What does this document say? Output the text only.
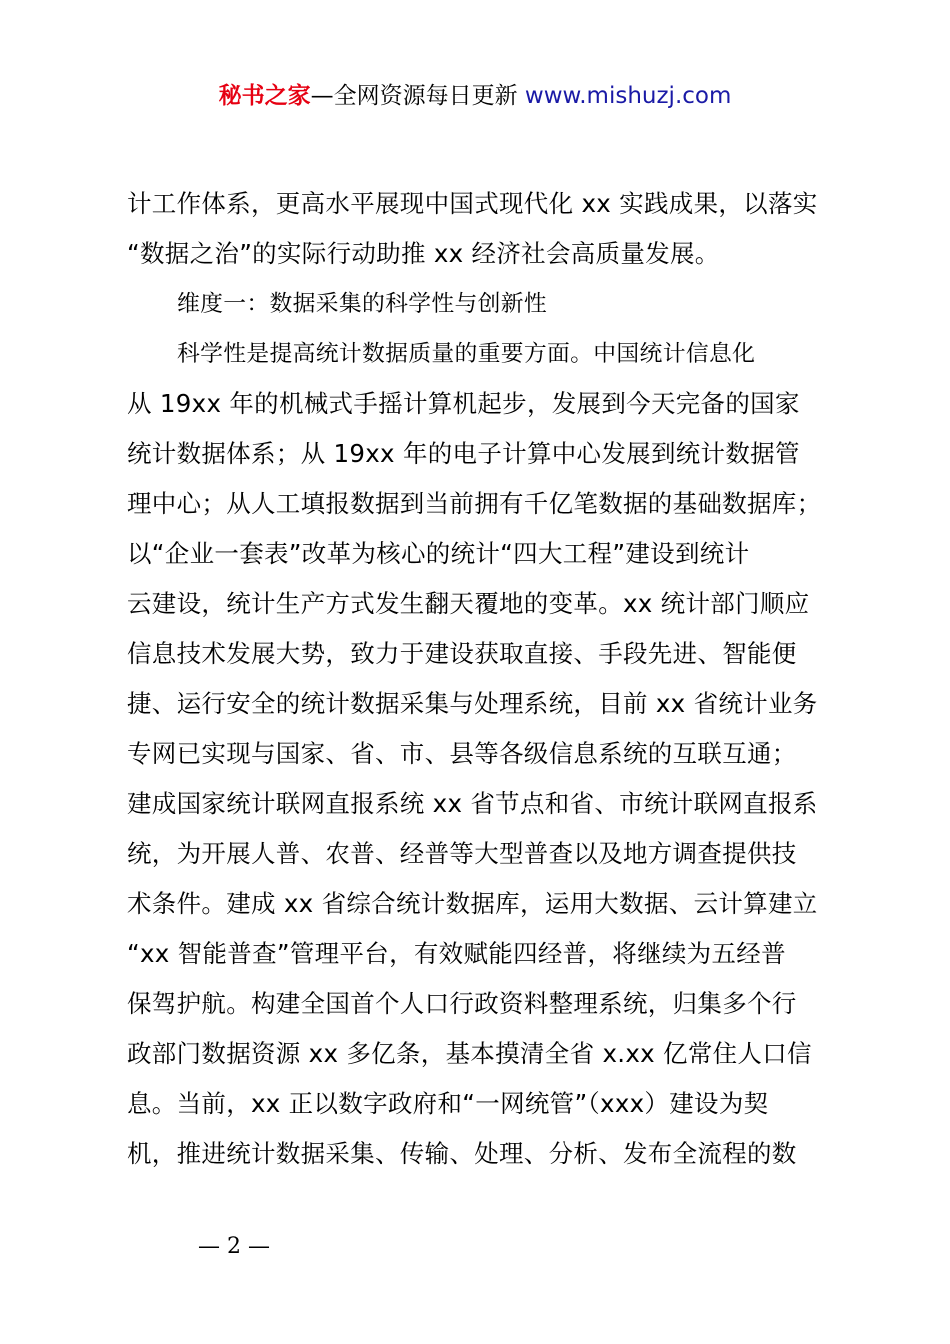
秘书之家—全网资源每日更新 www.mishuzj.com
计工作体系，更高水平展现中国式现代化 xx 实践成果，以落实
“数据之治”的实际行动助推 xx 经济社会高质量发展。
维度一：数据采集的科学性与创新性
科学性是提高统计数据质量的重要方面。中国统计信息化
从 19xx 年的机械式手摇计算机起步，发展到今天完备的国家
统计数据体系；从 19xx 年的电子计算中心发展到统计数据管
理中心；从人工填报数据到当前拥有千亿笔数据的基础数据库；
以“企业一套表”改革为核心的统计“四大工程”建设到统计
云建设，统计生产方式发生翻天覆地的变革。xx 统计部门顺应
信息技术发展大势，致力于建设获取直接、手段先进、智能便
捷、运行安全的统计数据采集与处理系统，目前 xx 省统计业务
专网已实现与国家、省、市、县等各级信息系统的互联互通；
建成国家统计联网直报系统 xx 省节点和省、市统计联网直报系
统，为开展人普、农普、经普等大型普查以及地方调查提供技
术条件。建成 xx 省综合统计数据库，运用大数据、云计算建立
“xx 智能普查”管理平台，有效赋能四经普，将继续为五经普
保驾护航。构建全国首个人口行政资料整理系统，归集多个行
政部门数据资源 xx 多亿条，基本摸清全省 x.xx 亿常住人口信
息。当前，xx 正以数字政府和“一网统管”（xxx）建设为契
机，推进统计数据采集、传输、处理、分析、发布全流程的数
— 2 —
